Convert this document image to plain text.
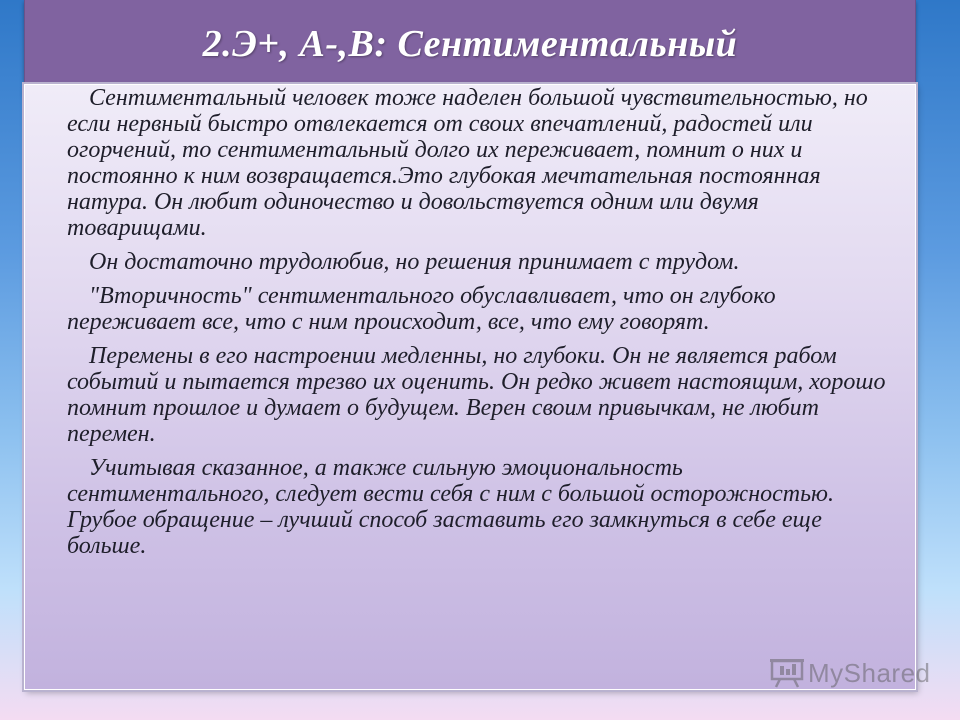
2.Э+, А-,В: Сентиментальный

Сентиментальный человек тоже наделен большой чувствительностью, но если нервный быстро отвлекается от своих впечатлений, радостей или огорчений, то сентиментальный долго их переживает, помнит о них и постоянно к ним возвращается.Это глубокая мечтательная постоянная натура. Он любит одиночество и довольствуется одним или двумя товарищами.

Он достаточно трудолюбив, но решения принимает с трудом.

"Вторичность" сентиментального обуславливает, что он глубоко переживает все, что с ним происходит, все, что ему говорят.

Перемены в его настроении медленны, но глубоки. Он не является рабом событий и пытается трезво их оценить. Он редко живет настоящим, хорошо помнит прошлое и думает о будущем. Верен своим привычкам, не любит перемен.

Учитывая сказанное, а также сильную эмоциональность сентиментального, следует вести себя с ним с большой осторожностью. Грубое обращение – лучший способ заставить его замкнуться в себе еще больше.

MyShared
